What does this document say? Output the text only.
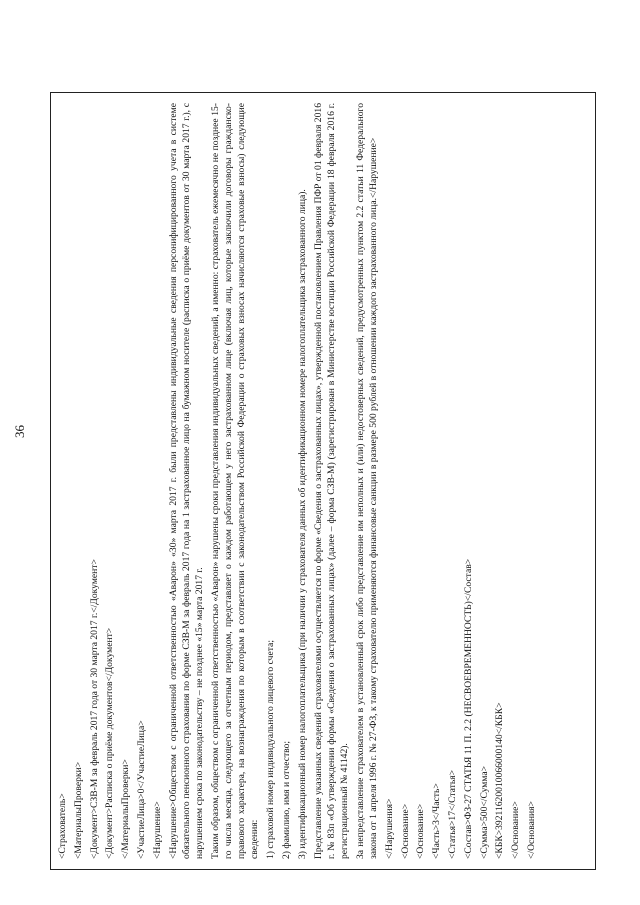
36
<Страхователь> <МатериалыПроверки> <Документ>СЗВ-М за февраль 2017 года от 30 марта 2017 г.</Документ> <Документ>Расписка о приёме документов</Документ> </МатериалыПроверки> <УчастиеЛица>0</УчастиеЛица> <Нарушение> <Нарушение>Обществом с ограниченной ответственностью «Аварон» «30» марта 2017 г. были представлены индивидуальные сведения персонифицированного учета в системе обязательного пенсионного страхования по форме СЗВ-М за февраль 2017 года на 1 застрахованное лицо на бумажном носителе (расписка о приёме документов от 30 марта 2017 г.), с нарушением срока по законодательству – не позднее «15» марта 2017 г. Таким образом, обществом с ограниченной ответственностью «Аварон» нарушены сроки представления индивидуальных сведений, а именно: страхователь ежемесячно не позднее 15-го числа месяца, следующего за отчетным периодом, представляет о каждом работающем у него застрахованном лице (включая лиц, которые заключили договоры гражданско-правового характера, на вознаграждения по которым в соответствии с законодательством Российской Федерации о страховых взносах начисляются страховые взносы) следующие сведения: 1) страховой номер индивидуального лицевого счета; 2) фамилию, имя и отчество; 3) идентификационный номер налогоплательщика (при наличии у страхователя данных об идентификационном номере налогоплательщика застрахованного лица). Представление указанных сведений страхователями осуществляется по форме «Сведения о застрахованных лицах», утвержденной постановлением Правления ПФР от 01 февраля 2016 г. № 83п «Об утверждении формы «Сведения о застрахованных лицах» (далее – форма СЗВ-М) (зарегистрирован в Министерстве юстиции Российской Федерации 18 февраля 2016 г. регистрационный № 41142). За непредставление страхователем в установленный срок либо представление им неполных и (или) недостоверных сведений, предусмотренных пунктом 2.2 статьи 11 Федерального закона от 1 апреля 1996 г. № 27-ФЗ, к такому страхователю применяются финансовые санкции в размере 500 рублей в отношении каждого застрахованного лица.</Нарушение> </Нарушения> <Основание> <Основание> <Часть>3</Часть> <Статья>17</Статья> <Состав>ФЗ-27 СТАТЬЯ 11 П. 2.2 (НЕСВОЕВРЕМЕННОСТЬ)</Состав> <Сумма>500</Сумма> <КБК>39211620010066000140</КБК> </Основание> </Основания>
